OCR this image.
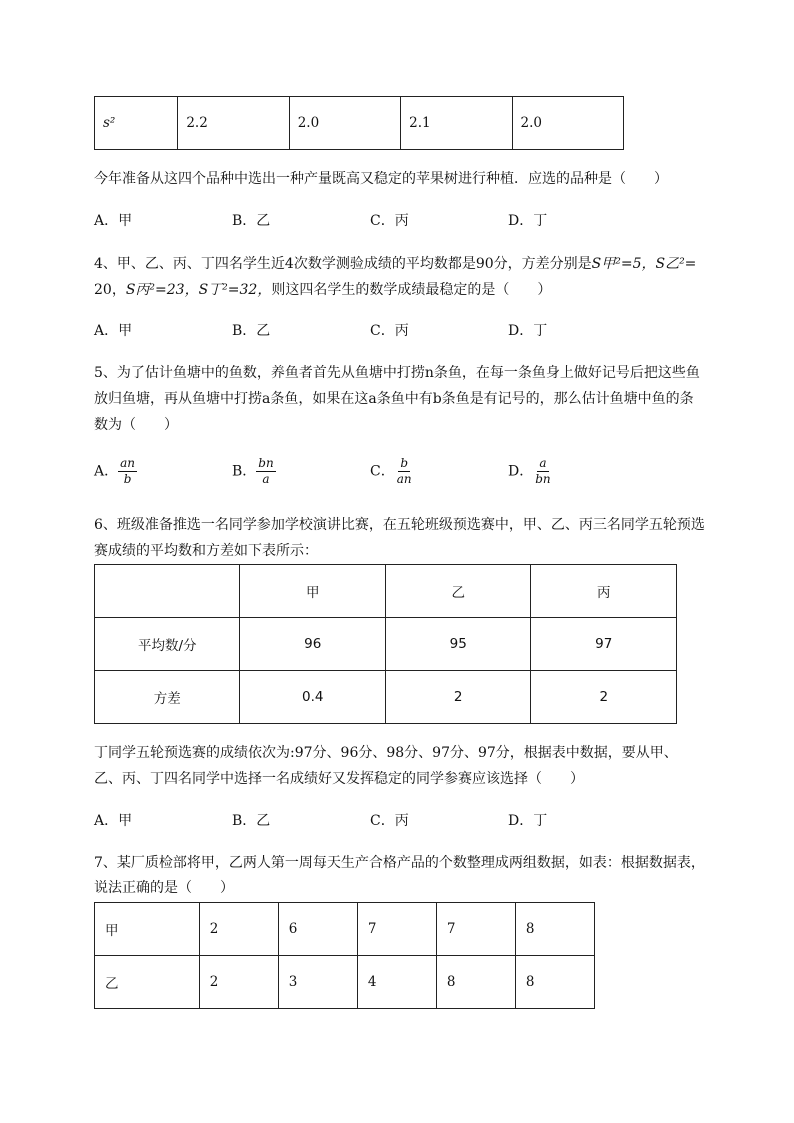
s²	2.2	2.0	2.1	2.0
今年准备从这四个品种中选出一种产量既高又稳定的苹果树进行种植．应选的品种是（　　）
A．甲	B．乙	C．丙	D．丁
4、甲、乙、丙、丁四名学生近4次数学测验成绩的平均数都是90分，方差分别是S甲²=5，S乙²=
20，S丙²=23，S丁²=32，则这四名学生的数学成绩最稳定的是（　　）
A．甲	B．乙	C．丙	D．丁
5、为了估计鱼塘中的鱼数，养鱼者首先从鱼塘中打捞n条鱼，在每一条鱼身上做好记号后把这些鱼
放归鱼塘，再从鱼塘中打捞a条鱼，如果在这a条鱼中有b条鱼是有记号的，那么估计鱼塘中鱼的条
数为（　　）
A． $\frac{an}{b}$	B． $\frac{bn}{a}$	C． $\frac{b}{an}$	D． $\frac{a}{bn}$
6、班级准备推选一名同学参加学校演讲比赛，在五轮班级预选赛中，甲、乙、丙三名同学五轮预选
赛成绩的平均数和方差如下表所示：
	甲	乙	丙
平均数/分	96	95	97
方差	0.4	2	2
丁同学五轮预选赛的成绩依次为:97分、96分、98分、97分、97分，根据表中数据，要从甲、
乙、丙、丁四名同学中选择一名成绩好又发挥稳定的同学参赛应该选择（　　）
A．甲	B．乙	C．丙	D．丁
7、某厂质检部将甲，乙两人第一周每天生产合格产品的个数整理成两组数据，如表：根据数据表，
说法正确的是（　　）
甲	2	6	7	7	8
乙	2	3	4	8	8
